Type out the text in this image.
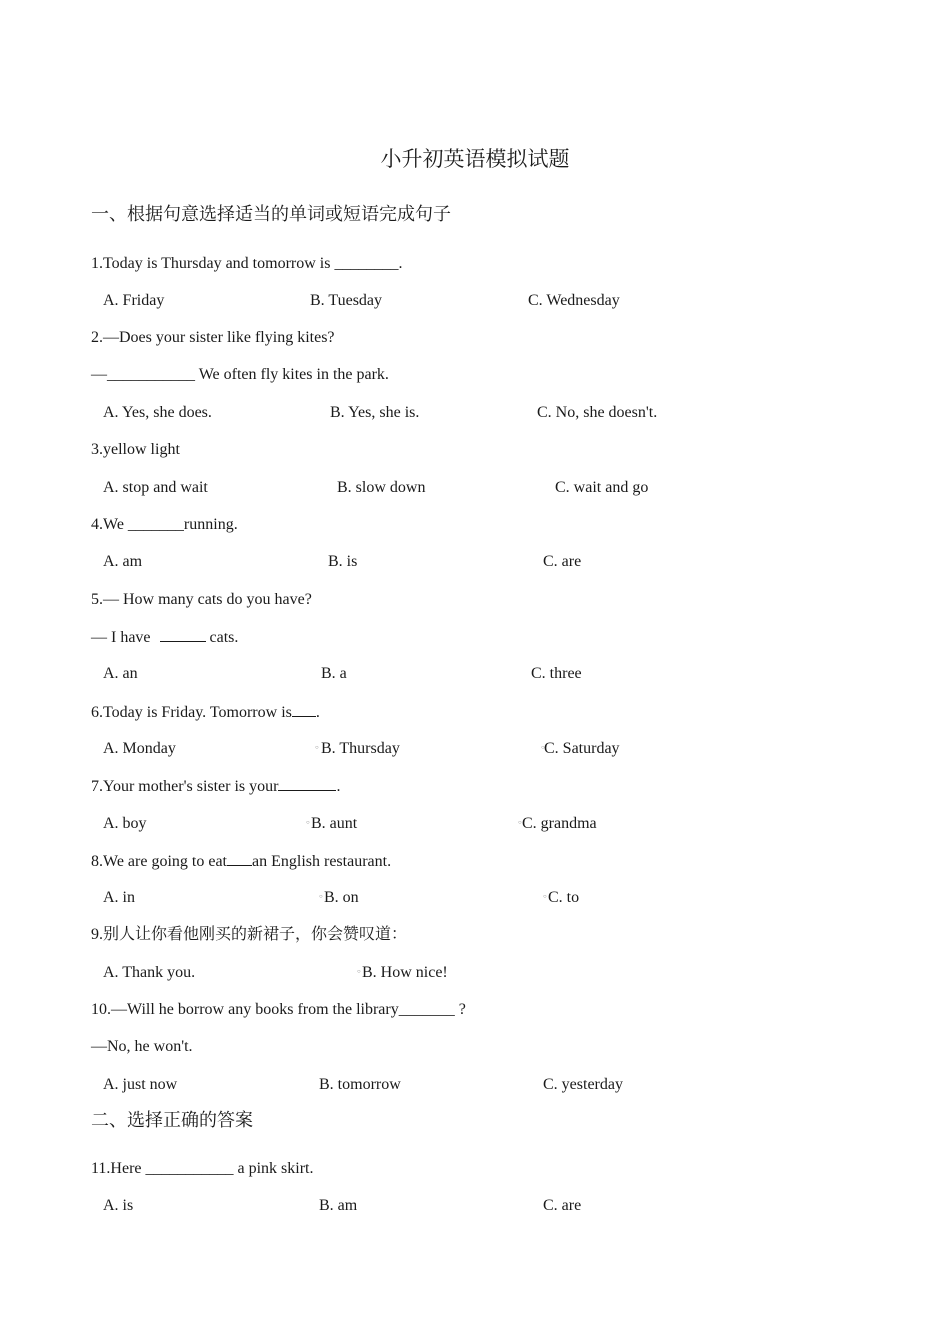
小升初英语模拟试题
一、根据句意选择适当的单词或短语完成句子
1.Today is Thursday and tomorrow is ________.
A. Friday	B. Tuesday	C. Wednesday
2.—Does your sister like flying kites?
—___________ We often fly kites in the park.
A. Yes, she does.	B. Yes, she is.	C. No, she doesn't.
3.yellow light
A. stop and wait	B. slow down	C. wait and go
4.We _______running.
A. am	B. is	C. are
5.— How many cats do you have?
— I have	cats.
A. an	B. a	C. three
6.Today is Friday. Tomorrow is .
A. Monday	○ B. Thursday	○ C. Saturday
7.Your mother's sister is your	.
A. boy	○ B. aunt	○ C. grandma
8.We are going to eat an English restaurant.
A. in	○ B. on	○ C. to
9.别人让你看他刚买的新裙子，你会赞叹道：
A. Thank you.	○ B. How nice!
10.—Will he borrow any books from the library_______ ?
—No, he won't.
A. just now	B. tomorrow	C. yesterday
二、选择正确的答案
11.Here ___________ a pink skirt.
A. is	B. am	C. are
